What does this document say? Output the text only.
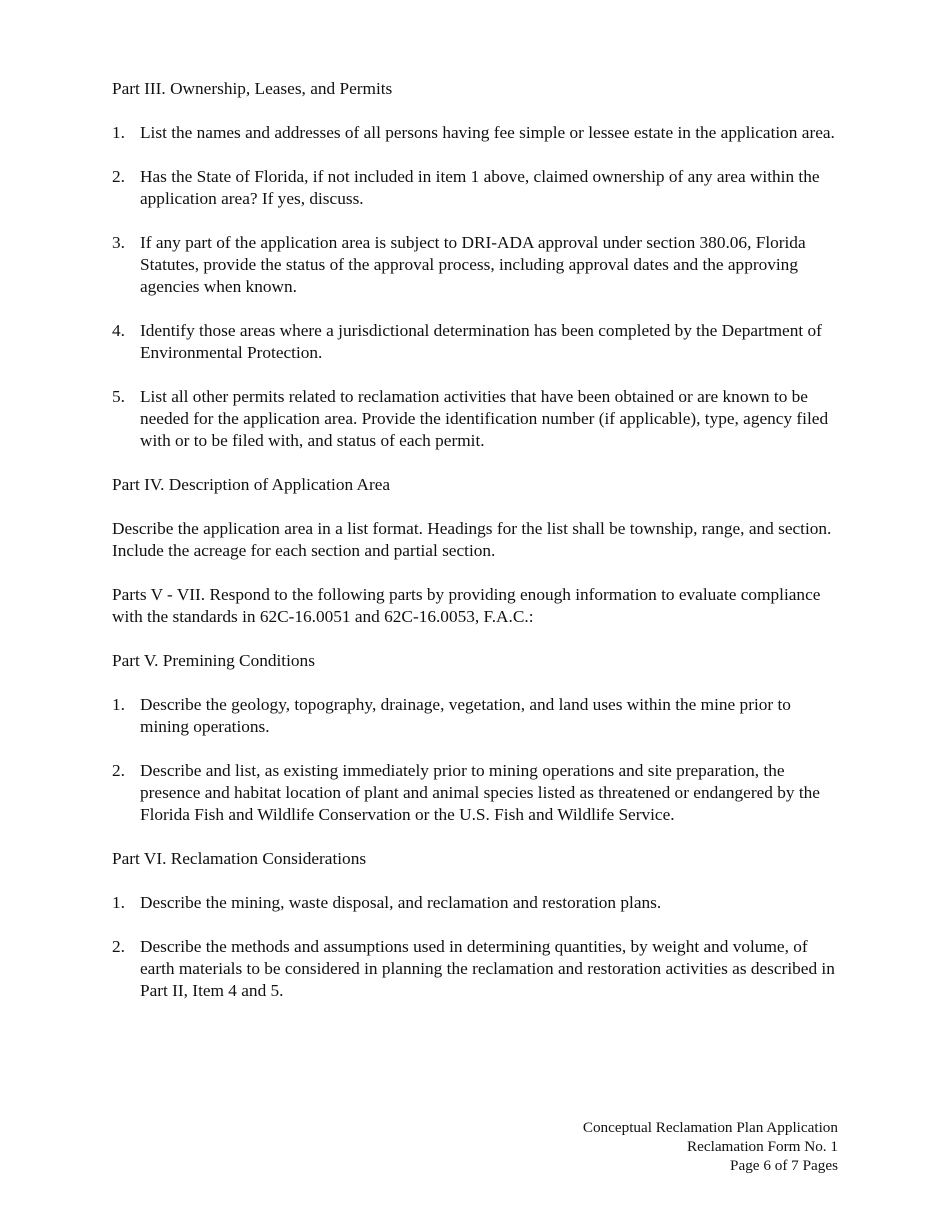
Part III. Ownership, Leases, and Permits

1. List the names and addresses of all persons having fee simple or lessee estate in the application area.
2. Has the State of Florida, if not included in item 1 above, claimed ownership of any area within the application area? If yes, discuss.
3. If any part of the application area is subject to DRI-ADA approval under section 380.06, Florida Statutes, provide the status of the approval process, including approval dates and the approving agencies when known.
4. Identify those areas where a jurisdictional determination has been completed by the Department of Environmental Protection.
5. List all other permits related to reclamation activities that have been obtained or are known to be needed for the application area. Provide the identification number (if applicable), type, agency filed with or to be filed with, and status of each permit.

Part IV. Description of Application Area

Describe the application area in a list format. Headings for the list shall be township, range, and section. Include the acreage for each section and partial section.

Parts V - VII. Respond to the following parts by providing enough information to evaluate compliance with the standards in 62C-16.0051 and 62C-16.0053, F.A.C.:

Part V. Premining Conditions

1. Describe the geology, topography, drainage, vegetation, and land uses within the mine prior to mining operations.
2. Describe and list, as existing immediately prior to mining operations and site preparation, the presence and habitat location of plant and animal species listed as threatened or endangered by the Florida Fish and Wildlife Conservation or the U.S. Fish and Wildlife Service.

Part VI. Reclamation Considerations

1. Describe the mining, waste disposal, and reclamation and restoration plans.
2. Describe the methods and assumptions used in determining quantities, by weight and volume, of earth materials to be considered in planning the reclamation and restoration activities as described in Part II, Item 4 and 5.
Conceptual Reclamation Plan Application
Reclamation Form No. 1
Page 6 of 7 Pages
